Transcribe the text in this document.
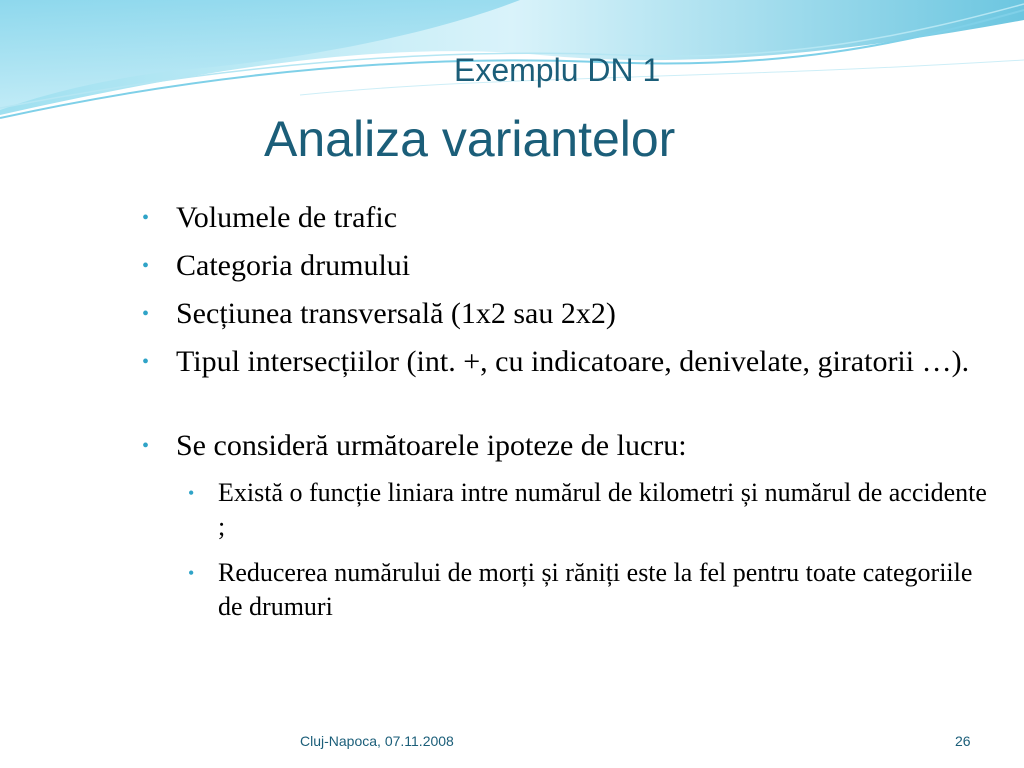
Exemplu DN 1
Analiza variantelor
• Volumele de trafic
• Categoria drumului
• Secțiunea transversală (1x2 sau 2x2)
• Tipul intersecțiilor (int. +, cu indicatoare, denivelate, giratorii …).
• Se consideră următoarele ipoteze de lucru:
• Există o funcție liniara intre numărul de kilometri și numărul de accidente ;
• Reducerea numărului de morți și răniți este la fel pentru toate categoriile de drumuri
Cluj-Napoca, 07.11.2008	26
